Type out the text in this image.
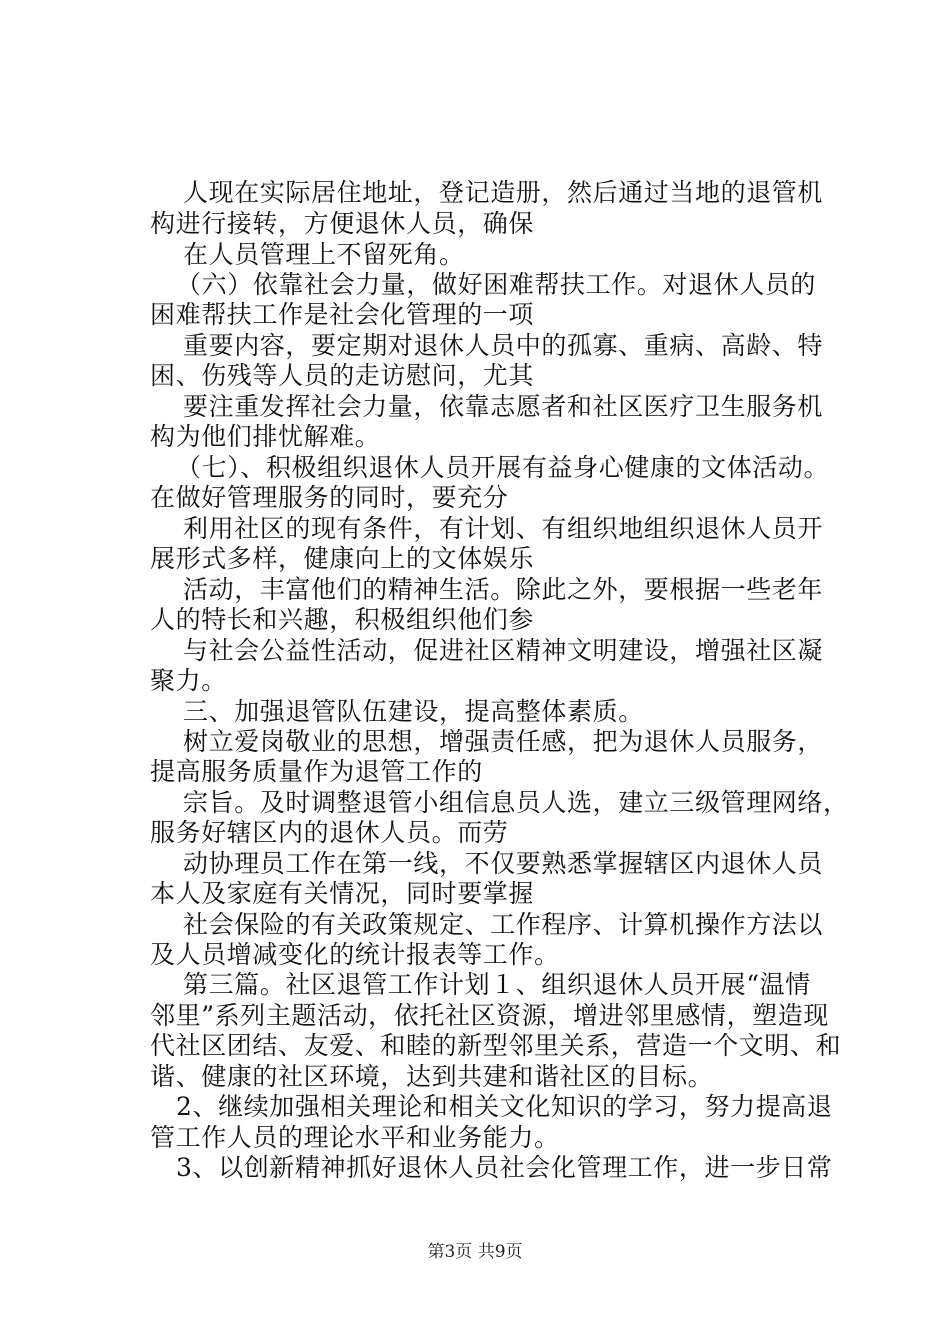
人现在实际居住地址，登记造册，然后通过当地的退管机
构进行接转，方便退休人员，确保
在人员管理上不留死角。
（六）依靠社会力量，做好困难帮扶工作。对退休人员的
困难帮扶工作是社会化管理的一项
重要内容，要定期对退休人员中的孤寡、重病、高龄、特
困、伤残等人员的走访慰问，尤其
要注重发挥社会力量，依靠志愿者和社区医疗卫生服务机
构为他们排忧解难。
（七）、积极组织退休人员开展有益身心健康的文体活动。
在做好管理服务的同时，要充分
利用社区的现有条件，有计划、有组织地组织退休人员开
展形式多样，健康向上的文体娱乐
活动，丰富他们的精神生活。除此之外，要根据一些老年
人的特长和兴趣，积极组织他们参
与社会公益性活动，促进社区精神文明建设，增强社区凝
聚力。
三、加强退管队伍建设，提高整体素质。
树立爱岗敬业的思想，增强责任感，把为退休人员服务，
提高服务质量作为退管工作的
宗旨。及时调整退管小组信息员人选，建立三级管理网络，
服务好辖区内的退休人员。而劳
动协理员工作在第一线，不仅要熟悉掌握辖区内退休人员
本人及家庭有关情况，同时要掌握
社会保险的有关政策规定、工作程序、计算机操作方法以
及人员增减变化的统计报表等工作。
第三篇。社区退管工作计划１、组织退休人员开展“温情
邻里”系列主题活动，依托社区资源，增进邻里感情，塑造现
代社区团结、友爱、和睦的新型邻里关系，营造一个文明、和
谐、健康的社区环境，达到共建和谐社区的目标。
2、继续加强相关理论和相关文化知识的学习，努力提高退
管工作人员的理论水平和业务能力。
3、以创新精神抓好退休人员社会化管理工作，进一步日常
第3页 共9页
